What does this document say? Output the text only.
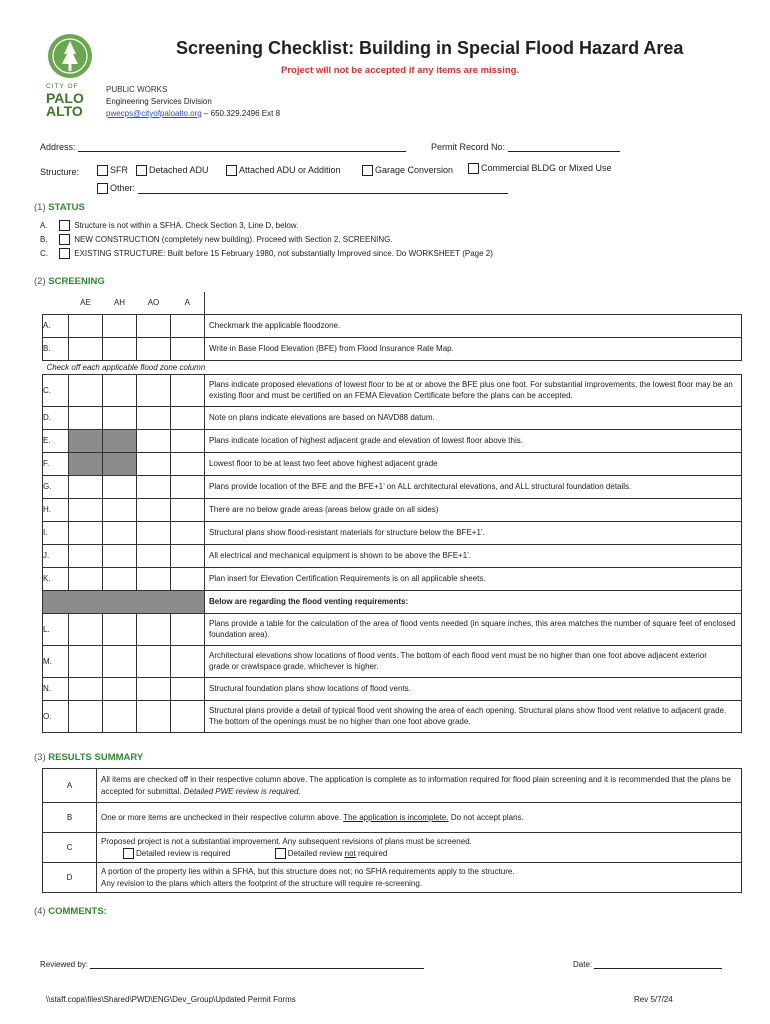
CITY OF
PALO
ALTO
Screening Checklist: Building in Special Flood Hazard Area
Project will not be accepted if any items are missing.
PUBLIC WORKS
Engineering Services Division
pwecps@cityofpaloalto.org – 650.329.2496 Ext 8
Address:	Permit Record No:
Structure:	SFR	Detached ADU	Attached ADU or Addition	Garage Conversion	Commercial BLDG or Mixed Use
Other:
(1) STATUS
A.	Structure is not within a SFHA. Check Section 3, Line D, below.
B.	NEW CONSTRUCTION (completely new building). Proceed with Section 2, SCREENING.
C.	EXISTING STRUCTURE: Built before 15 February 1980, not substantially Improved since. Do WORKSHEET (Page 2)
(2) SCREENING
	AE	AH	AO	A	
A.					Checkmark the applicable floodzone.
B.					Write in Base Flood Elevation (BFE) from Flood Insurance Rate Map.
Check off each applicable flood zone column					
C.					Plans indicate proposed elevations of lowest floor to be at or above the BFE plus one foot. For substantial improvements, the lowest floor may be an existing floor and must be certified on an FEMA Elevation Certificate before the plans can be accepted.
D.					Note on plans indicate elevations are based on NAVD88 datum.
E.					Plans indicate location of highest adjacent grade and elevation of lowest floor above this.
F.					Lowest floor to be at least two feet above highest adjacent grade
G.					Plans provide location of the BFE and the BFE+1’ on ALL architectural elevations, and ALL structural foundation details.
H.					There are no below grade areas (areas below grade on all sides)
I.					Structural plans show flood-resistant materials for structure below the BFE+1’.
J.					All electrical and mechanical equipment is shown to be above the BFE+1’.
K.					Plan insert for Elevation Certification Requirements is on all applicable sheets.
					Below are regarding the flood venting requirements:
L.					Plans provide a table for the calculation of the area of flood vents needed (in square inches, this area matches the number of square feet of enclosed foundation area).
M.					Architectural elevations show locations of flood vents. The bottom of each flood vent must be no higher than one foot above adjacent exterior grade or crawlspace grade, whichever is higher.
N.					Structural foundation plans show locations of flood vents.
O.					Structural plans provide a detail of typical flood vent showing the area of each opening. Structural plans show flood vent relative to adjacent grade. The bottom of the openings must be no higher than one foot above grade.
(3) RESULTS SUMMARY
A	All items are checked off in their respective column above. The application is complete as to information required for flood plain screening and it is recommended that the plans be accepted for submittal. Detailed PWE review is required.
B	One or more items are unchecked in their respective column above. The application is incomplete. Do not accept plans.
C	Proposed project is not a substantial improvement. Any subsequent revisions of plans must be screened.
Detailed review is required Detailed review not required

D	A portion of the property lies within a SFHA, but this structure does not; no SFHA requirements apply to the structure.
Any revision to the plans which alters the footprint of the structure will require re-screening.
(4) COMMENTS:
Reviewed by:	Date:
\\staff.copa\files\Shared\PWD\ENG\Dev_Group\Updated Permit Forms	Rev 5/7/24
